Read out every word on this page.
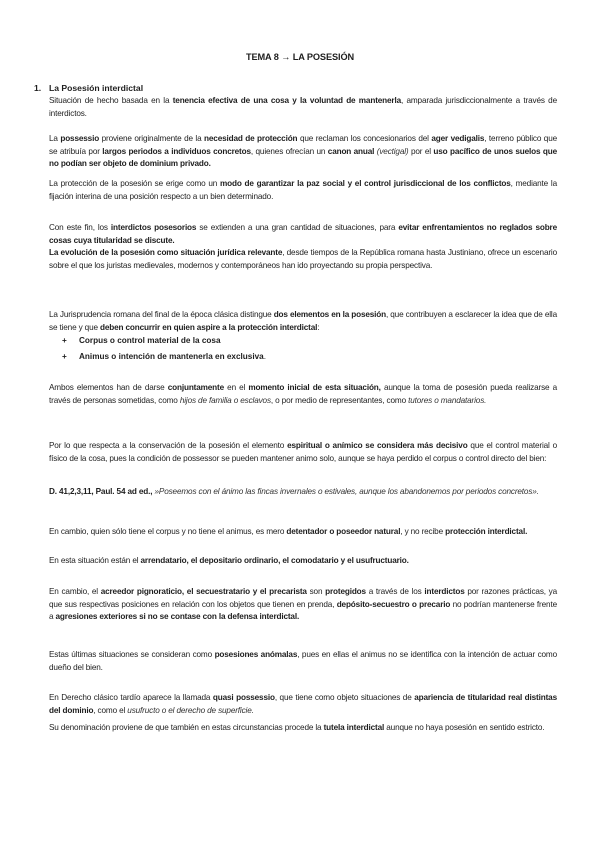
TEMA 8 → LA POSESIÓN
1. La Posesión interdictal
Situación de hecho basada en la tenencia efectiva de una cosa y la voluntad de mantenerla, amparada jurisdiccionalmente a través de interdictos.
La possessio proviene originalmente de la necesidad de protección que reclaman los concesionarios del ager vedigalis, terreno público que se atribuía por largos periodos a individuos concretos, quienes ofrecían un canon anual (vectigal) por el uso pacífico de unos suelos que no podían ser objeto de dominium privado.
La protección de la posesión se erige como un modo de garantizar la paz social y el control jurisdiccional de los conflictos, mediante la fijación interina de una posición respecto a un bien determinado.
Con este fin, los interdictos posesorios se extienden a una gran cantidad de situaciones, para evitar enfrentamientos no reglados sobre cosas cuya titularidad se discute.
La evolución de la posesión como situación jurídica relevante, desde tiempos de la República romana hasta Justiniano, ofrece un escenario sobre el que los juristas medievales, modernos y contemporáneos han ido proyectando su propia perspectiva.
La Jurisprudencia romana del final de la época clásica distingue dos elementos en la posesión, que contribuyen a esclarecer la idea que de ella se tiene y que deben concurrir en quien aspire a la protección interdictal:
+ Corpus o control material de la cosa
+ Animus o intención de mantenerla en exclusiva.
Ambos elementos han de darse conjuntamente en el momento inicial de esta situación, aunque la toma de posesión pueda realizarse a través de personas sometidas, como hijos de familia o esclavos, o por medio de representantes, como tutores o mandatarios.
Por lo que respecta a la conservación de la posesión el elemento espiritual o anímico se considera más decisivo que el control material o físico de la cosa, pues la condición de possessor se pueden mantener animo solo, aunque se haya perdido el corpus o control directo del bien:
D. 41,2,3,11, Paul. 54 ad ed., »Poseemos con el ánimo las fincas invernales o estivales, aunque los abandonemos por periodos concretos».
En cambio, quien sólo tiene el corpus y no tiene el animus, es mero detentador o poseedor natural, y no recibe protección interdictal.
En esta situación están el arrendatario, el depositario ordinario, el comodatario y el usufructuario.
En cambio, el acreedor pignoraticio, el secuestratario y el precarista son protegidos a través de los interdictos por razones prácticas, ya que sus respectivas posiciones en relación con los objetos que tienen en prenda, depósito-secuestro o precario no podrían mantenerse frente a agresiones exteriores si no se contase con la defensa interdictal.
Estas últimas situaciones se consideran como posesiones anómalas, pues en ellas el animus no se identifica con la intención de actuar como dueño del bien.
En Derecho clásico tardío aparece la llamada quasi possessio, que tiene como objeto situaciones de apariencia de titularidad real distintas del dominio, como el usufructo o el derecho de superficie.
Su denominación proviene de que también en estas circunstancias procede la tutela interdictal aunque no haya posesión en sentido estricto.
